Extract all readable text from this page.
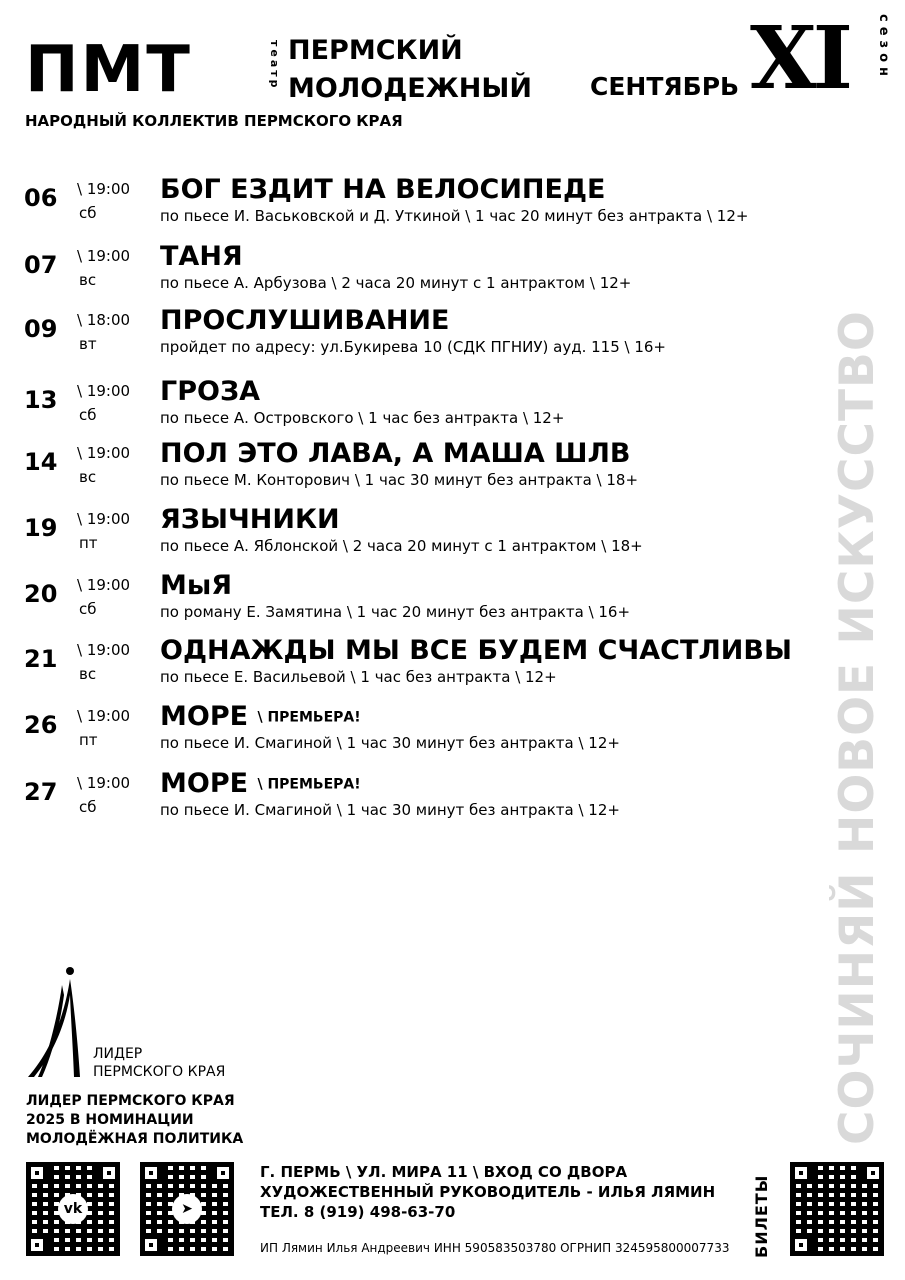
ПМТ	театр ПЕРМСКИЙ
МОЛОДЕЖНЫЙ
НАРОДНЫЙ КОЛЛЕКТИВ ПЕРМСКОГО КРАЯ
СЕНТЯБРЬ XI сезон
СОЧИНЯЙ НОВОЕ ИСКУССТВО
06 \ 19:00
сб
БОГ ЕЗДИТ НА ВЕЛОСИПЕДЕ
по пьесе И. Васьковской и Д. Уткиной \ 1 час 20 минут без антракта \ 12+
07 \ 19:00
вс
ТАНЯ
по пьесе А. Арбузова \ 2 часа 20 минут с 1 антрактом \ 12+
09 \ 18:00
вт
ПРОСЛУШИВАНИЕ
пройдет по адресу: ул.Букирева 10 (СДК ПГНИУ) ауд. 115 \ 16+
13 \ 19:00
сб
ГРОЗА
по пьесе А. Островского \ 1 час без антракта \ 12+
14 \ 19:00
вс
ПОЛ ЭТО ЛАВА, А МАША ШЛВ
по пьесе М. Конторович \ 1 час 30 минут без антракта \ 18+
19 \ 19:00
пт
ЯЗЫЧНИКИ
по пьесе А. Яблонской \ 2 часа 20 минут с 1 антрактом \ 18+
20 \ 19:00
сб
МыЯ
по роману Е. Замятина \ 1 час 20 минут без антракта \ 16+
21 \ 19:00
вс
ОДНАЖДЫ МЫ ВСЕ БУДЕМ СЧАСТЛИВЫ
по пьесе Е. Васильевой \ 1 час без антракта \ 12+
26 \ 19:00
пт
МОРЕ \ ПРЕМЬЕРА!
по пьесе И. Смагиной \ 1 час 30 минут без антракта \ 12+
27 \ 19:00
сб
МОРЕ \ ПРЕМЬЕРА!
по пьесе И. Смагиной \ 1 час 30 минут без антракта \ 12+
ЛИДЕР
ПЕРМСКОГО КРАЯ
ЛИДЕР ПЕРМСКОГО КРАЯ
2025 В НОМИНАЦИИ
МОЛОДЁЖНАЯ ПОЛИТИКА
vk	➤
Г. ПЕРМЬ \ УЛ. МИРА 11 \ ВХОД СО ДВОРА
ХУДОЖЕСТВЕННЫЙ РУКОВОДИТЕЛЬ - ИЛЬЯ ЛЯМИН
ТЕЛ. 8 (919) 498-63-70
ИП Лямин Илья Андреевич ИНН 590583503780 ОГРНИП 324595800007733 БИЛЕТЫ
